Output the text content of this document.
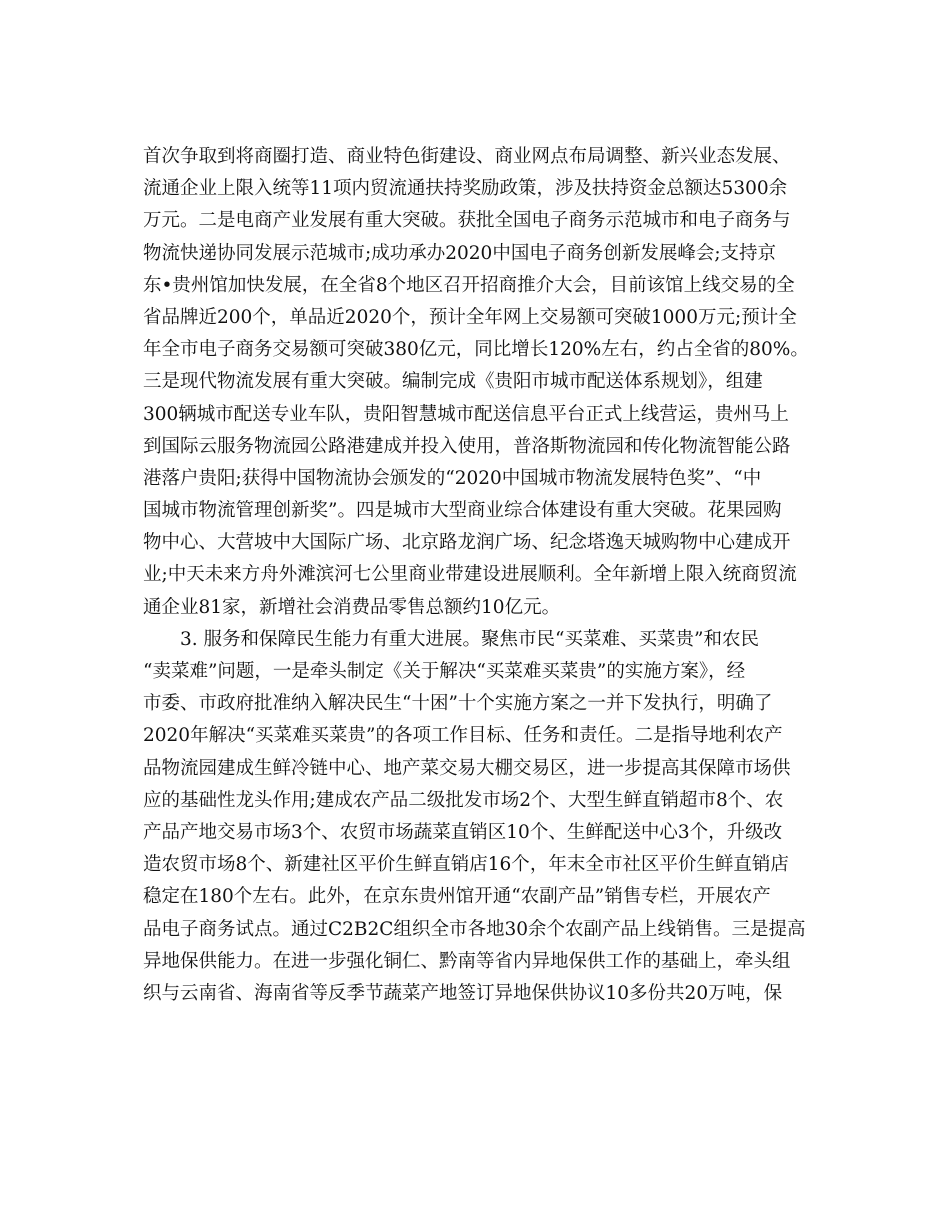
首次争取到将商圈打造、商业特色街建设、商业网点布局调整、新兴业态发展、

流通企业上限入统等11项内贸流通扶持奖励政策，涉及扶持资金总额达5300余

万元。二是电商产业发展有重大突破。获批全国电子商务示范城市和电子商务与

物流快递协同发展示范城市;成功承办2020中国电子商务创新发展峰会;支持京

东•贵州馆加快发展，在全省8个地区召开招商推介大会，目前该馆上线交易的全

省品牌近200个，单品近2020个，预计全年网上交易额可突破1000万元;预计全

年全市电子商务交易额可突破380亿元，同比增长120%左右，约占全省的80%。

三是现代物流发展有重大突破。编制完成《贵阳市城市配送体系规划》，组建

300辆城市配送专业车队，贵阳智慧城市配送信息平台正式上线营运，贵州马上

到国际云服务物流园公路港建成并投入使用，普洛斯物流园和传化物流智能公路

港落户贵阳;获得中国物流协会颁发的“2020中国城市物流发展特色奖”、“中

国城市物流管理创新奖”。四是城市大型商业综合体建设有重大突破。花果园购

物中心、大营坡中大国际广场、北京路龙润广场、纪念塔逸天城购物中心建成开

业;中天未来方舟外滩滨河七公里商业带建设进展顺利。全年新增上限入统商贸流

通企业81家，新增社会消费品零售总额约10亿元。

3. 服务和保障民生能力有重大进展。聚焦市民“买菜难、买菜贵”和农民

“卖菜难”问题，一是牵头制定《关于解决“买菜难买菜贵”的实施方案》，经

市委、市政府批准纳入解决民生“十困”十个实施方案之一并下发执行，明确了

2020年解决“买菜难买菜贵”的各项工作目标、任务和责任。二是指导地利农产

品物流园建成生鲜冷链中心、地产菜交易大棚交易区，进一步提高其保障市场供

应的基础性龙头作用;建成农产品二级批发市场2个、大型生鲜直销超市8个、农

产品产地交易市场3个、农贸市场蔬菜直销区10个、生鲜配送中心3个，升级改

造农贸市场8个、新建社区平价生鲜直销店16个，年末全市社区平价生鲜直销店

稳定在180个左右。此外，在京东贵州馆开通“农副产品”销售专栏，开展农产

品电子商务试点。通过C2B2C组织全市各地30余个农副产品上线销售。三是提高

异地保供能力。在进一步强化铜仁、黔南等省内异地保供工作的基础上，牵头组

织与云南省、海南省等反季节蔬菜产地签订异地保供协议10多份共20万吨，保
